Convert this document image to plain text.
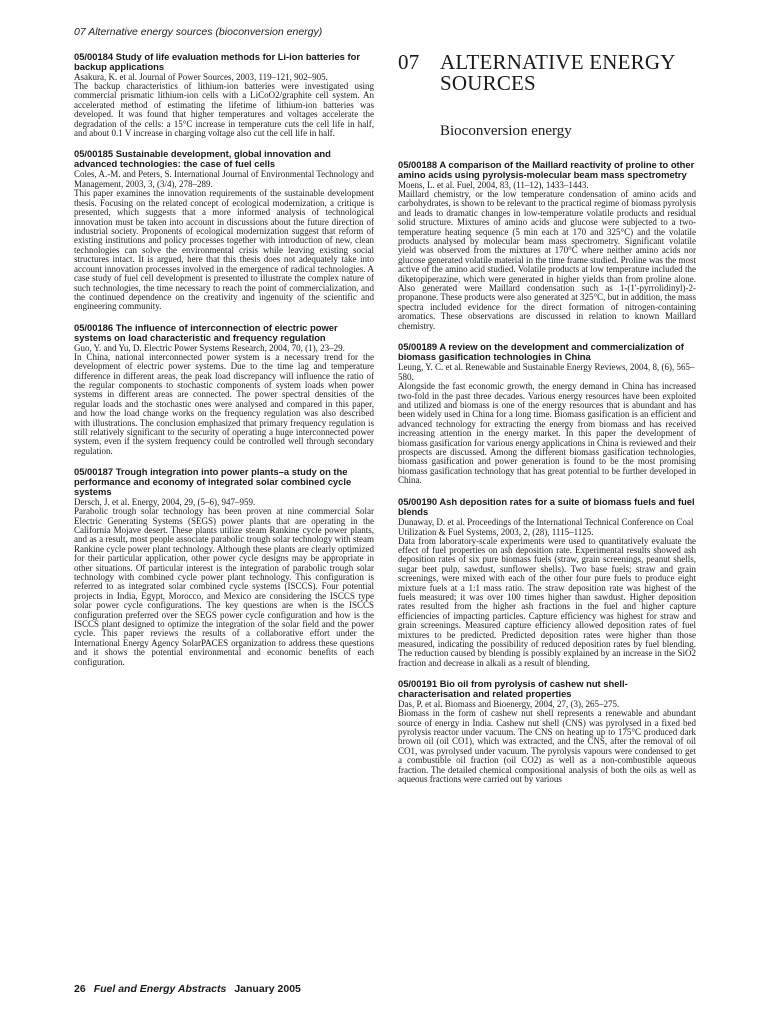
07 Alternative energy sources (bioconversion energy)

05/00184 Study of life evaluation methods for Li-ion batteries for backup applications

Asakura, K. et al. Journal of Power Sources, 2003, 119–121, 902–905.

The backup characteristics of lithium-ion batteries were investigated using commercial prismatic lithium-ion cells with a LiCoO2/graphite cell system. An accelerated method of estimating the lifetime of lithium-ion batteries was developed. It was found that higher temperatures and voltages accelerate the degradation of the cells: a 15°C increase in temperature cuts the cell life in half, and about 0.1 V increase in charging voltage also cut the cell life in half.

05/00185 Sustainable development, global innovation and advanced technologies: the case of fuel cells

Coles, A.-M. and Peters, S. International Journal of Environmental Technology and Management, 2003, 3, (3/4), 278–289.

This paper examines the innovation requirements of the sustainable development thesis. Focusing on the related concept of ecological modernization, a critique is presented, which suggests that a more informed analysis of technological innovation must be taken into account in discussions about the future direction of industrial society. Proponents of ecological modernization suggest that reform of existing institutions and policy processes together with introduction of new, clean technologies can solve the environmental crisis while leaving existing social structures intact. It is argued, here that this thesis does not adequately take into account innovation processes involved in the emergence of radical technologies. A case study of fuel cell development is presented to illustrate the complex nature of such technologies, the time necessary to reach the point of commercialization, and the continued dependence on the creativity and ingenuity of the scientific and engineering community.

05/00186 The influence of interconnection of electric power systems on load characteristic and frequency regulation

Guo, Y. and Yu, D. Electric Power Systems Research, 2004, 70, (1), 23–29.

In China, national interconnected power system is a necessary trend for the development of electric power systems. Due to the time lag and temperature difference in different areas, the peak load discrepancy will influence the ratio of the regular components to stochastic components of system loads when power systems in different areas are connected. The power spectral densities of the regular loads and the stochastic ones were analysed and compared in this paper, and how the load change works on the frequency regulation was also described with illustrations. The conclusion emphasized that primary frequency regulation is still relatively significant to the security of operating a huge interconnected power system, even if the system frequency could be controlled well through secondary regulation.

05/00187 Trough integration into power plants–a study on the performance and economy of integrated solar combined cycle systems

Dersch, J. et al. Energy, 2004, 29, (5–6), 947–959.

Parabolic trough solar technology has been proven at nine commercial Solar Electric Generating Systems (SEGS) power plants that are operating in the California Mojave desert. These plants utilize steam Rankine cycle power plants, and as a result, most people associate parabolic trough solar technology with steam Rankine cycle power plant technology. Although these plants are clearly optimized for their particular application, other power cycle designs may be appropriate in other situations. Of particular interest is the integration of parabolic trough solar technology with combined cycle power plant technology. This configuration is referred to as integrated solar combined cycle systems (ISCCS). Four potential projects in India, Egypt, Morocco, and Mexico are considering the ISCCS type solar power cycle configurations. The key questions are when is the ISCCS configuration preferred over the SEGS power cycle configuration and how is the ISCCS plant designed to optimize the integration of the solar field and the power cycle. This paper reviews the results of a collaborative effort under the International Energy Agency SolarPACES organization to address these questions and it shows the potential environmental and economic benefits of each configuration.

07 ALTERNATIVE ENERGY SOURCES
Bioconversion energy

05/00188 A comparison of the Maillard reactivity of proline to other amino acids using pyrolysis-molecular beam mass spectrometry

Moens, L. et al. Fuel, 2004, 83, (11–12), 1433–1443.

Maillard chemistry, or the low temperature condensation of amino acids and carbohydrates, is shown to be relevant to the practical regime of biomass pyrolysis and leads to dramatic changes in low-temperature volatile products and residual solid structure. Mixtures of amino acids and glucose were subjected to a two-temperature heating sequence (5 min each at 170 and 325°C) and the volatile products analysed by molecular beam mass spectrometry. Significant volatile yield was observed from the mixtures at 170°C where neither amino acids nor glucose generated volatile material in the time frame studied. Proline was the most active of the amino acid studied. Volatile products at low temperature included the diketopiperazine, which were generated in higher yields than from proline alone. Also generated were Maillard condensation such as 1-(1'-pyrrolidinyl)-2-propanone. These products were also generated at 325°C, but in addition, the mass spectra included evidence for the direct formation of nitrogen-containing aromatics. These observations are discussed in relation to known Maillard chemistry.

05/00189 A review on the development and commercialization of biomass gasification technologies in China

Leung, Y. C. et al. Renewable and Sustainable Energy Reviews, 2004, 8, (6), 565–580.

Alongside the fast economic growth, the energy demand in China has increased two-fold in the past three decades. Various energy resources have been exploited and utilized and biomass is one of the energy resources that is abundant and has been widely used in China for a long time. Biomass gasification is an efficient and advanced technology for extracting the energy from biomass and has received increasing attention in the energy market. In this paper the development of biomass gasification for various energy applications in China is reviewed and their prospects are discussed. Among the different biomass gasification technologies, biomass gasification and power generation is found to be the most promising biomass gasification technology that has great potential to be further developed in China.

05/00190 Ash deposition rates for a suite of biomass fuels and fuel blends

Dunaway, D. et al. Proceedings of the International Technical Conference on Coal Utilization & Fuel Systems, 2003, 2, (28), 1115–1125.

Data from laboratory-scale experiments were used to quantitatively evaluate the effect of fuel properties on ash deposition rate. Experimental results showed ash deposition rates of six pure biomass fuels (straw, grain screenings, peanut shells, sugar beet pulp, sawdust, sunflower shells). Two base fuels; straw and grain screenings, were mixed with each of the other four pure fuels to produce eight mixture fuels at a 1:1 mass ratio. The straw deposition rate was highest of the fuels measured; it was over 100 times higher than sawdust. Higher deposition rates resulted from the higher ash fractions in the fuel and higher capture efficiencies of impacting particles. Capture efficiency was highest for straw and grain screenings. Measured capture efficiency allowed deposition rates of fuel mixtures to be predicted. Predicted deposition rates were higher than those measured, indicating the possibility of reduced deposition rates by fuel blending. The reduction caused by blending is possibly explained by an increase in the SiO2 fraction and decrease in alkali as a result of blending.

05/00191 Bio oil from pyrolysis of cashew nut shell-characterisation and related properties

Das, P. et al. Biomass and Bioenergy, 2004, 27, (3), 265–275.

Biomass in the form of cashew nut shell represents a renewable and abundant source of energy in India. Cashew nut shell (CNS) was pyrolysed in a fixed bed pyrolysis reactor under vacuum. The CNS on heating up to 175°C produced dark brown oil (oil CO1), which was extracted, and the CNS, after the removal of oil CO1, was pyrolysed under vacuum. The pyrolysis vapours were condensed to get a combustible oil fraction (oil CO2) as well as a non-combustible aqueous fraction. The detailed chemical compositional analysis of both the oils as well as aqueous fractions were carried out by various

26 Fuel and Energy Abstracts January 2005
